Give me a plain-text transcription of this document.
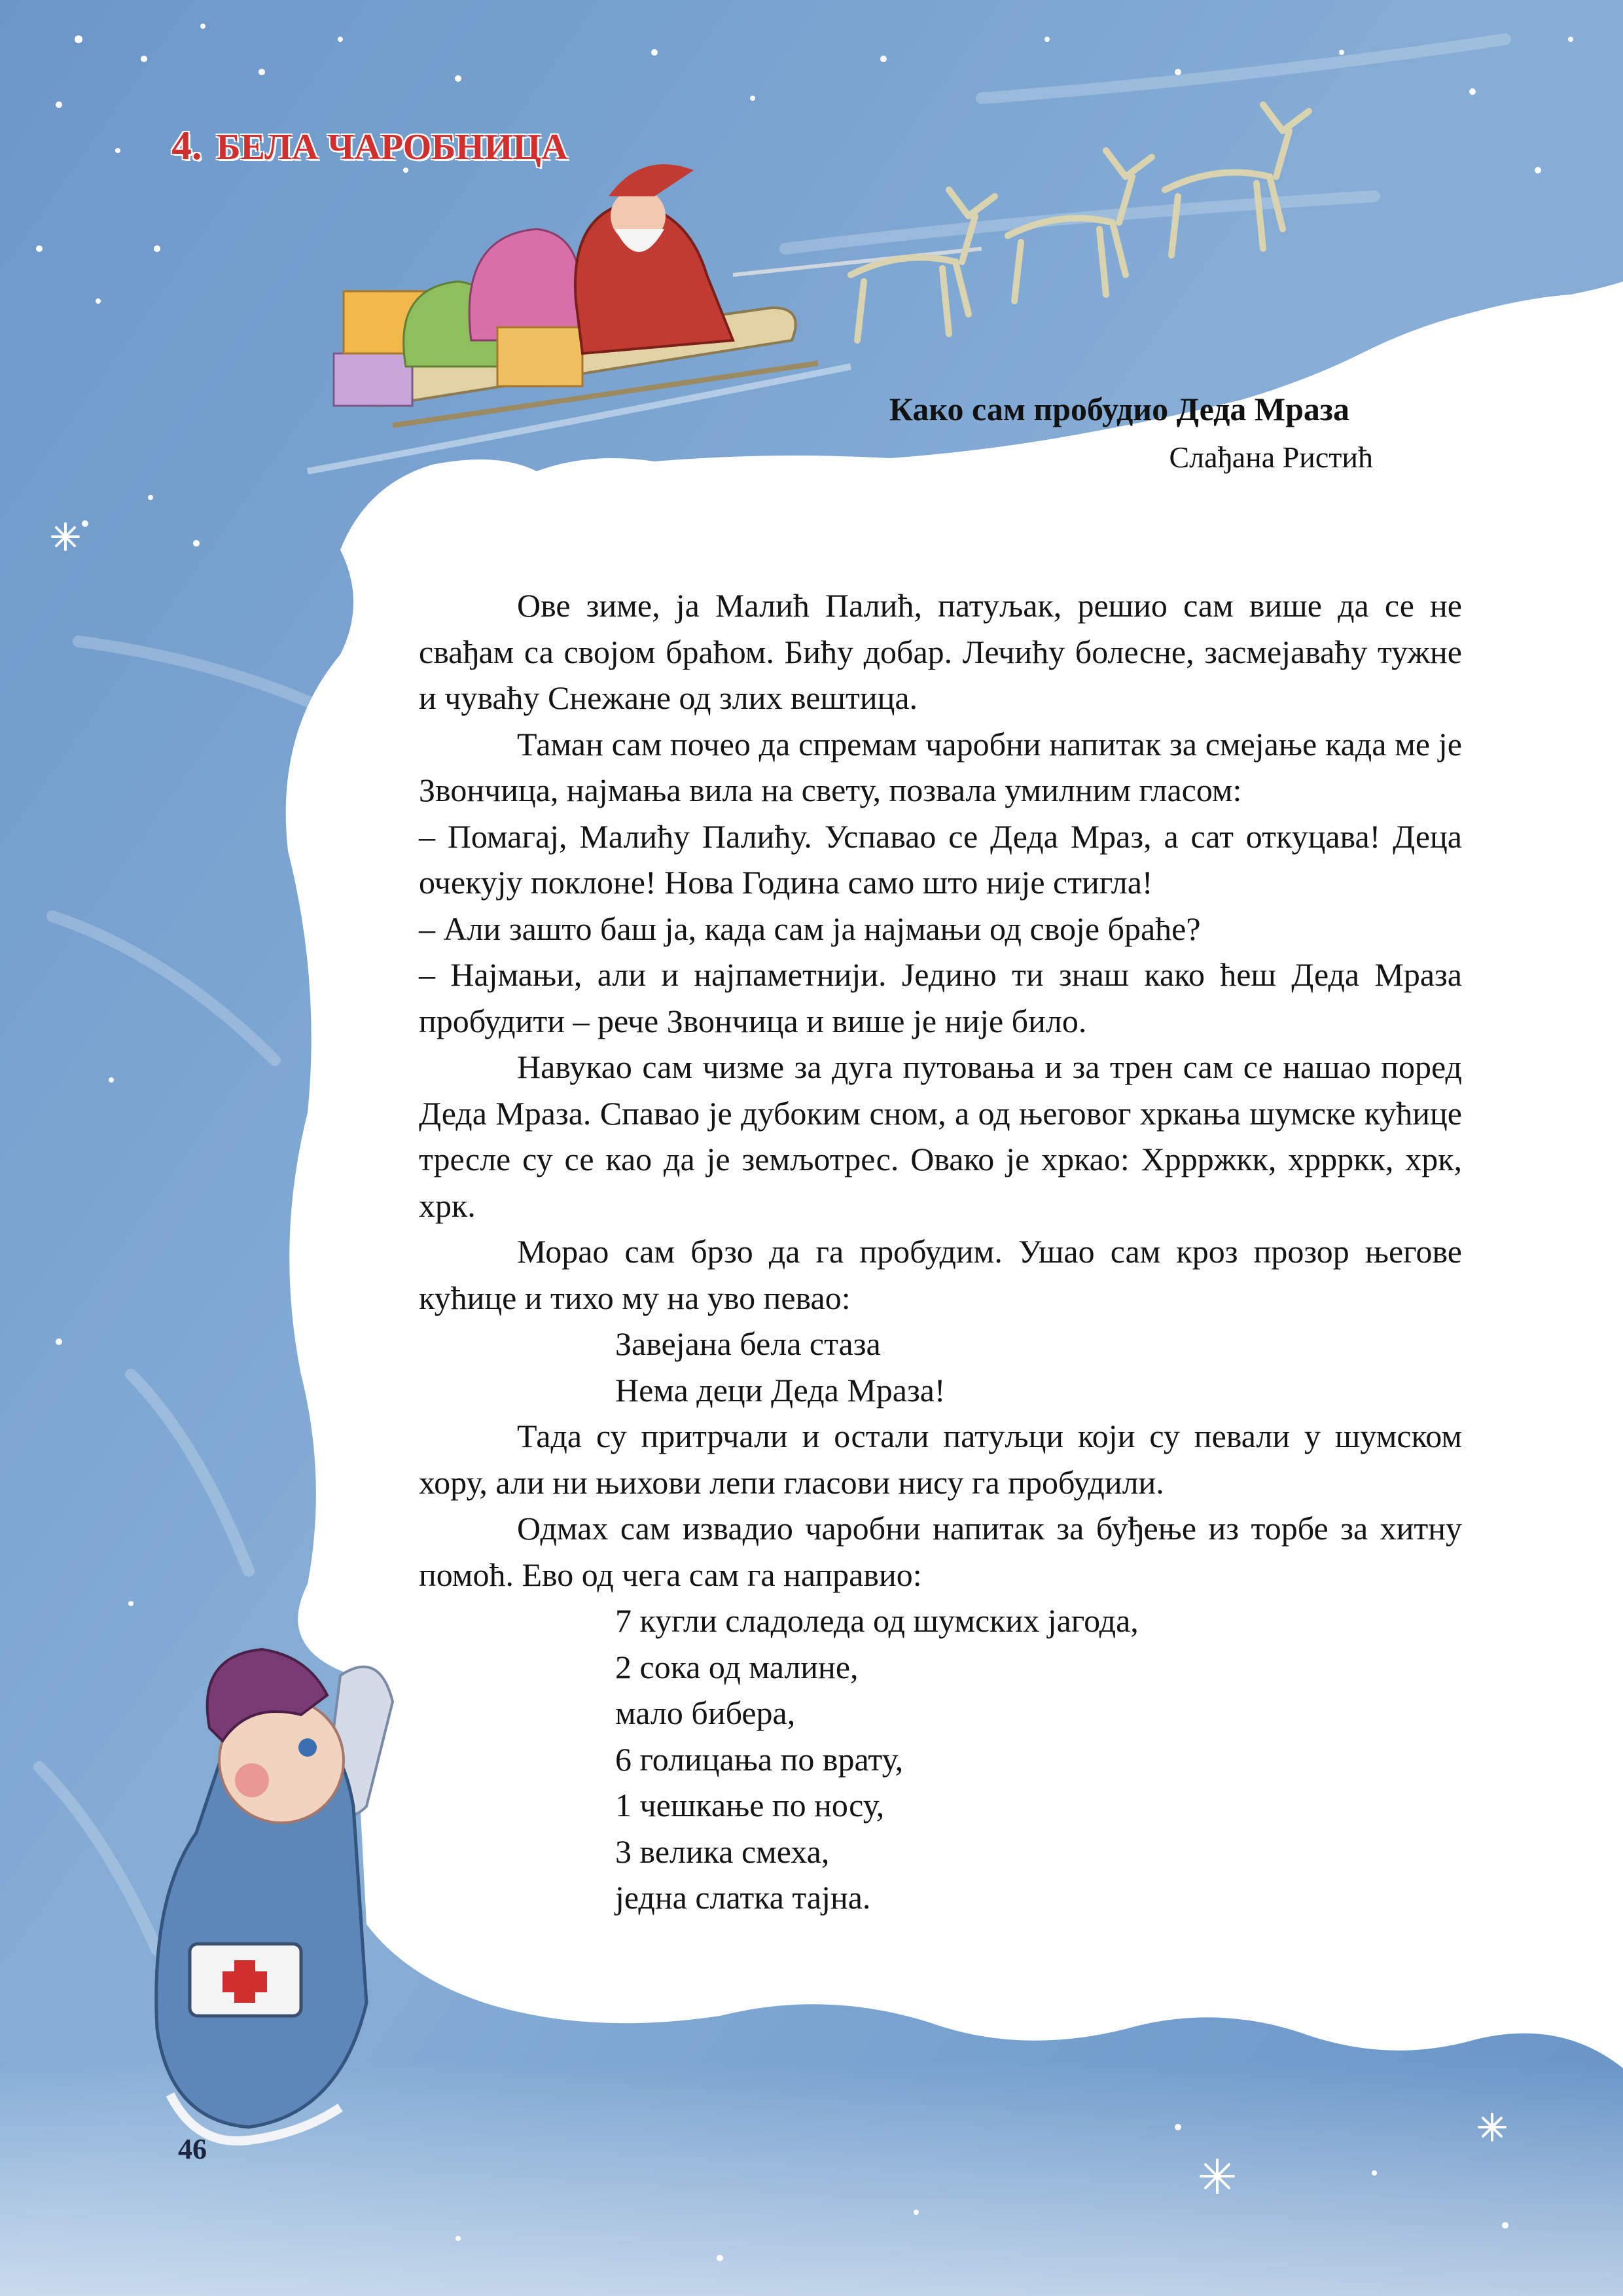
4. БЕЛА ЧАРОБНИЦА
Како сам пробудио Деда Мраза
Слађана Ристић

Ове зиме, ја Малић Палић, патуљак, решио сам више да се не свађам са својом браћом. Бићу добар. Лечићу болесне, засмејаваћу тужне и чуваћу Снежане од злих вештица.

Таман сам почео да спремам чаробни напитак за смејање када ме је Звончица, најмања вила на свету, позвала умилним гласом:

– Помагај, Малићу Палићу. Успавао се Деда Мраз, а сат откуцава! Деца очекују поклоне! Нова Година само што није стигла!

– Али зашто баш ја, када сам ја најмањи од своје браће?

– Најмањи, али и најпаметнији. Једино ти знаш како ћеш Деда Мраза пробудити – рече Звончица и више је није било.

Навукао сам чизме за дуга путовања и за трен сам се нашао поред Деда Мраза. Спавао је дубоким сном, а од његовог хркања шумске кућице тресле су се као да је земљотрес. Овако је хркао: Хррржкк, хррркк, хрк, хрк.

Морао сам брзо да га пробудим. Ушао сам кроз прозор његове кућице и тихо му на уво певао:

Завејана бела стаза

Нема деци Деда Мраза!

Тада су притрчали и остали патуљци који су певали у шумском хору, али ни њихови лепи гласови нису га пробудили.

Одмах сам извадио чаробни напитак за буђење из торбе за хитну помоћ. Ево од чега сам га направио:

7 кугли сладоледа од шумских јагода,

2 сока од малине,

мало бибера,

6 голицања по врату,

1 чешкање по носу,

3 велика смеха,

једна слатка тајна.

46
